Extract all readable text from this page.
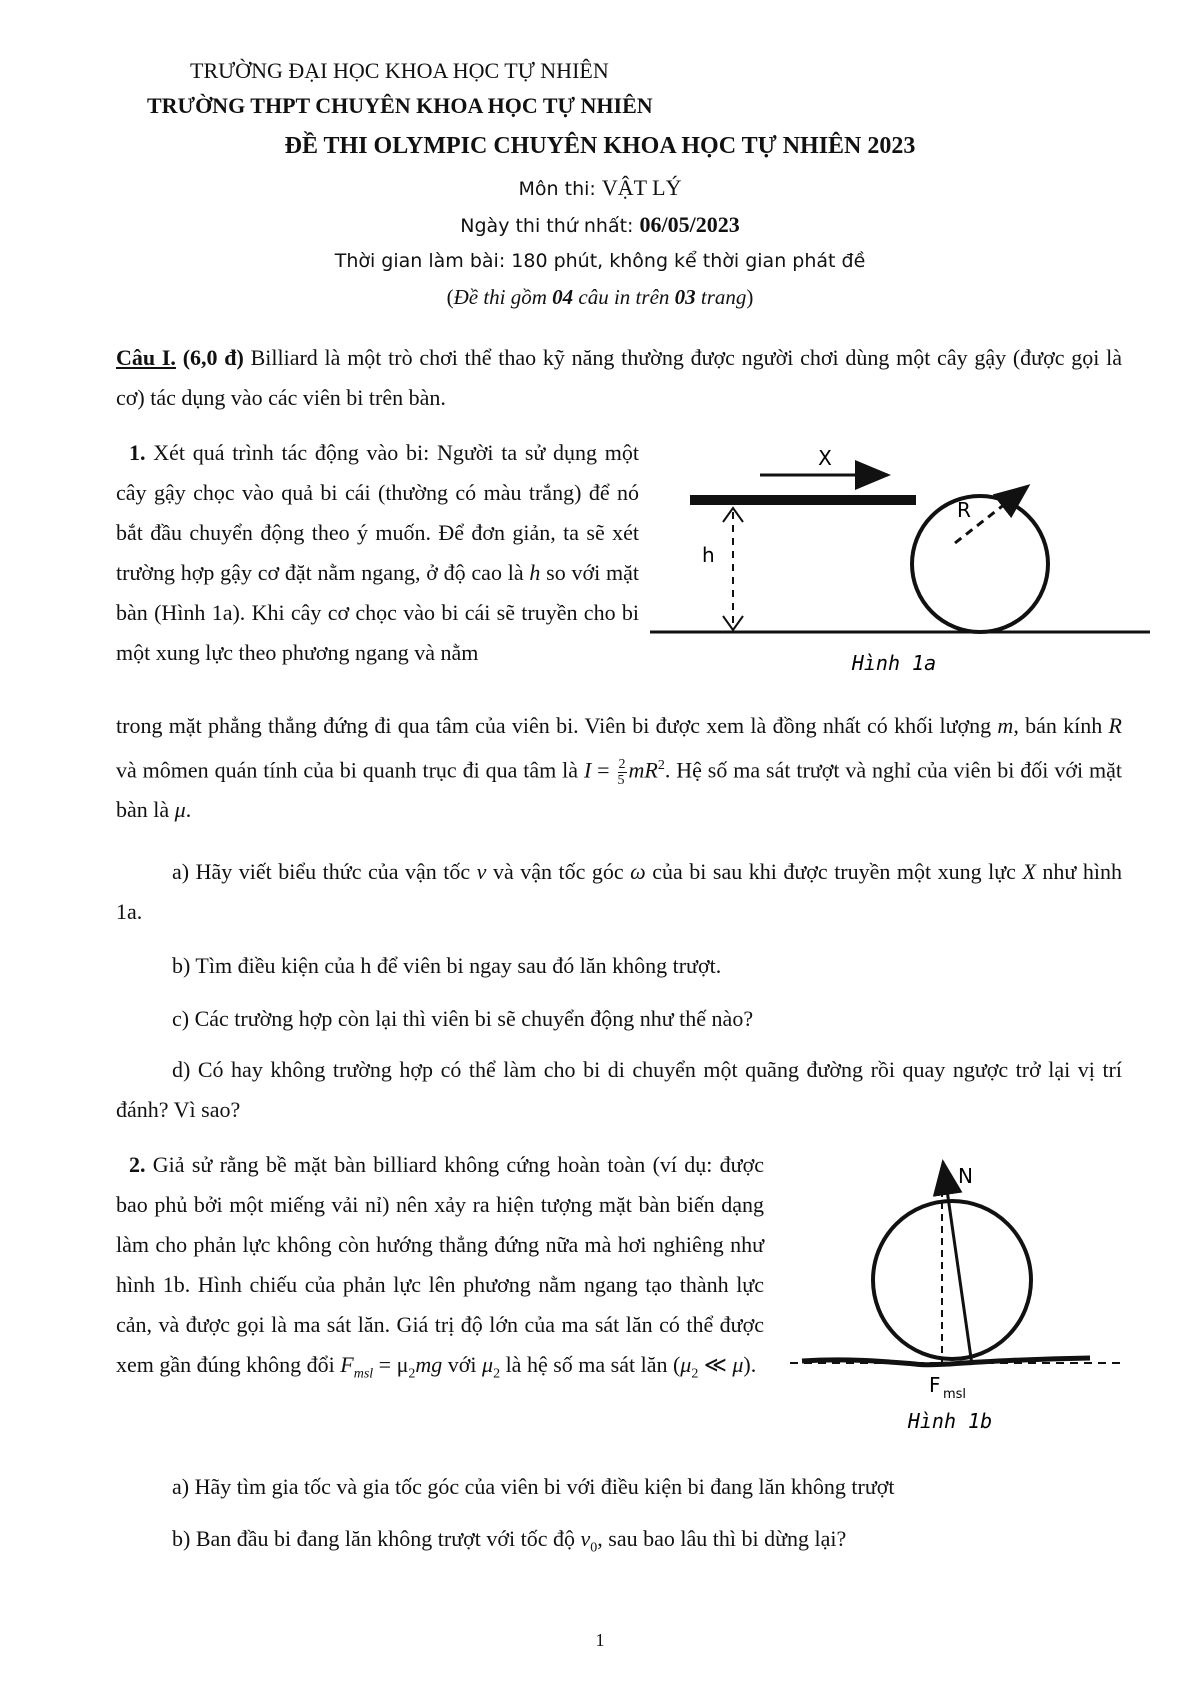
TRƯỜNG ĐẠI HỌC KHOA HỌC TỰ NHIÊN
TRƯỜNG THPT CHUYÊN KHOA HỌC TỰ NHIÊN
ĐỀ THI OLYMPIC CHUYÊN KHOA HỌC TỰ NHIÊN 2023
Môn thi: VẬT LÝ
Ngày thi thứ nhất: 06/05/2023
Thời gian làm bài: 180 phút, không kể thời gian phát đề
(Đề thi gồm 04 câu in trên 03 trang)
Câu I. (6,0 đ) Billiard là một trò chơi thể thao kỹ năng thường được người chơi dùng một cây gậy (được gọi là cơ) tác dụng vào các viên bi trên bàn.
1. Xét quá trình tác động vào bi: Người ta sử dụng một cây gậy chọc vào quả bi cái (thường có màu trắng) để nó bắt đầu chuyển động theo ý muốn. Để đơn giản, ta sẽ xét trường hợp gậy cơ đặt nằm ngang, ở độ cao là h so với mặt bàn (Hình 1a). Khi cây cơ chọc vào bi cái sẽ truyền cho bi một xung lực theo phương ngang và nằm
X
R
h
Hình 1a
trong mặt phẳng thẳng đứng đi qua tâm của viên bi. Viên bi được xem là đồng nhất có khối lượng m, bán kính R và mômen quán tính của bi quanh trục đi qua tâm là $I = \frac{2}{5} mR^2$. Hệ số ma sát trượt và nghỉ của viên bi đối với mặt bàn là μ.
a) Hãy viết biểu thức của vận tốc v và vận tốc góc ω của bi sau khi được truyền một xung lực X như hình 1a.
b) Tìm điều kiện của h để viên bi ngay sau đó lăn không trượt.
c) Các trường hợp còn lại thì viên bi sẽ chuyển động như thế nào?
d) Có hay không trường hợp có thể làm cho bi di chuyển một quãng đường rồi quay ngược trở lại vị trí đánh? Vì sao?
2. Giả sử rằng bề mặt bàn billiard không cứng hoàn toàn (ví dụ: được bao phủ bởi một miếng vải nỉ) nên xảy ra hiện tượng mặt bàn biến dạng làm cho phản lực không còn hướng thẳng đứng nữa mà hơi nghiêng như hình 1b. Hình chiếu của phản lực lên phương nằm ngang tạo thành lực cản, và được gọi là ma sát lăn. Giá trị độ lớn của ma sát lăn có thể được xem gần đúng không đổi $F_{msl} = \mu_2mg$ với $\mu_2$ là hệ số ma sát lăn ($\mu_2$ ≪ μ).
N
F msl
Hình 1b
a) Hãy tìm gia tốc và gia tốc góc của viên bi với điều kiện bi đang lăn không trượt
b) Ban đầu bi đang lăn không trượt với tốc độ $v_0$, sau bao lâu thì bi dừng lại?
1
